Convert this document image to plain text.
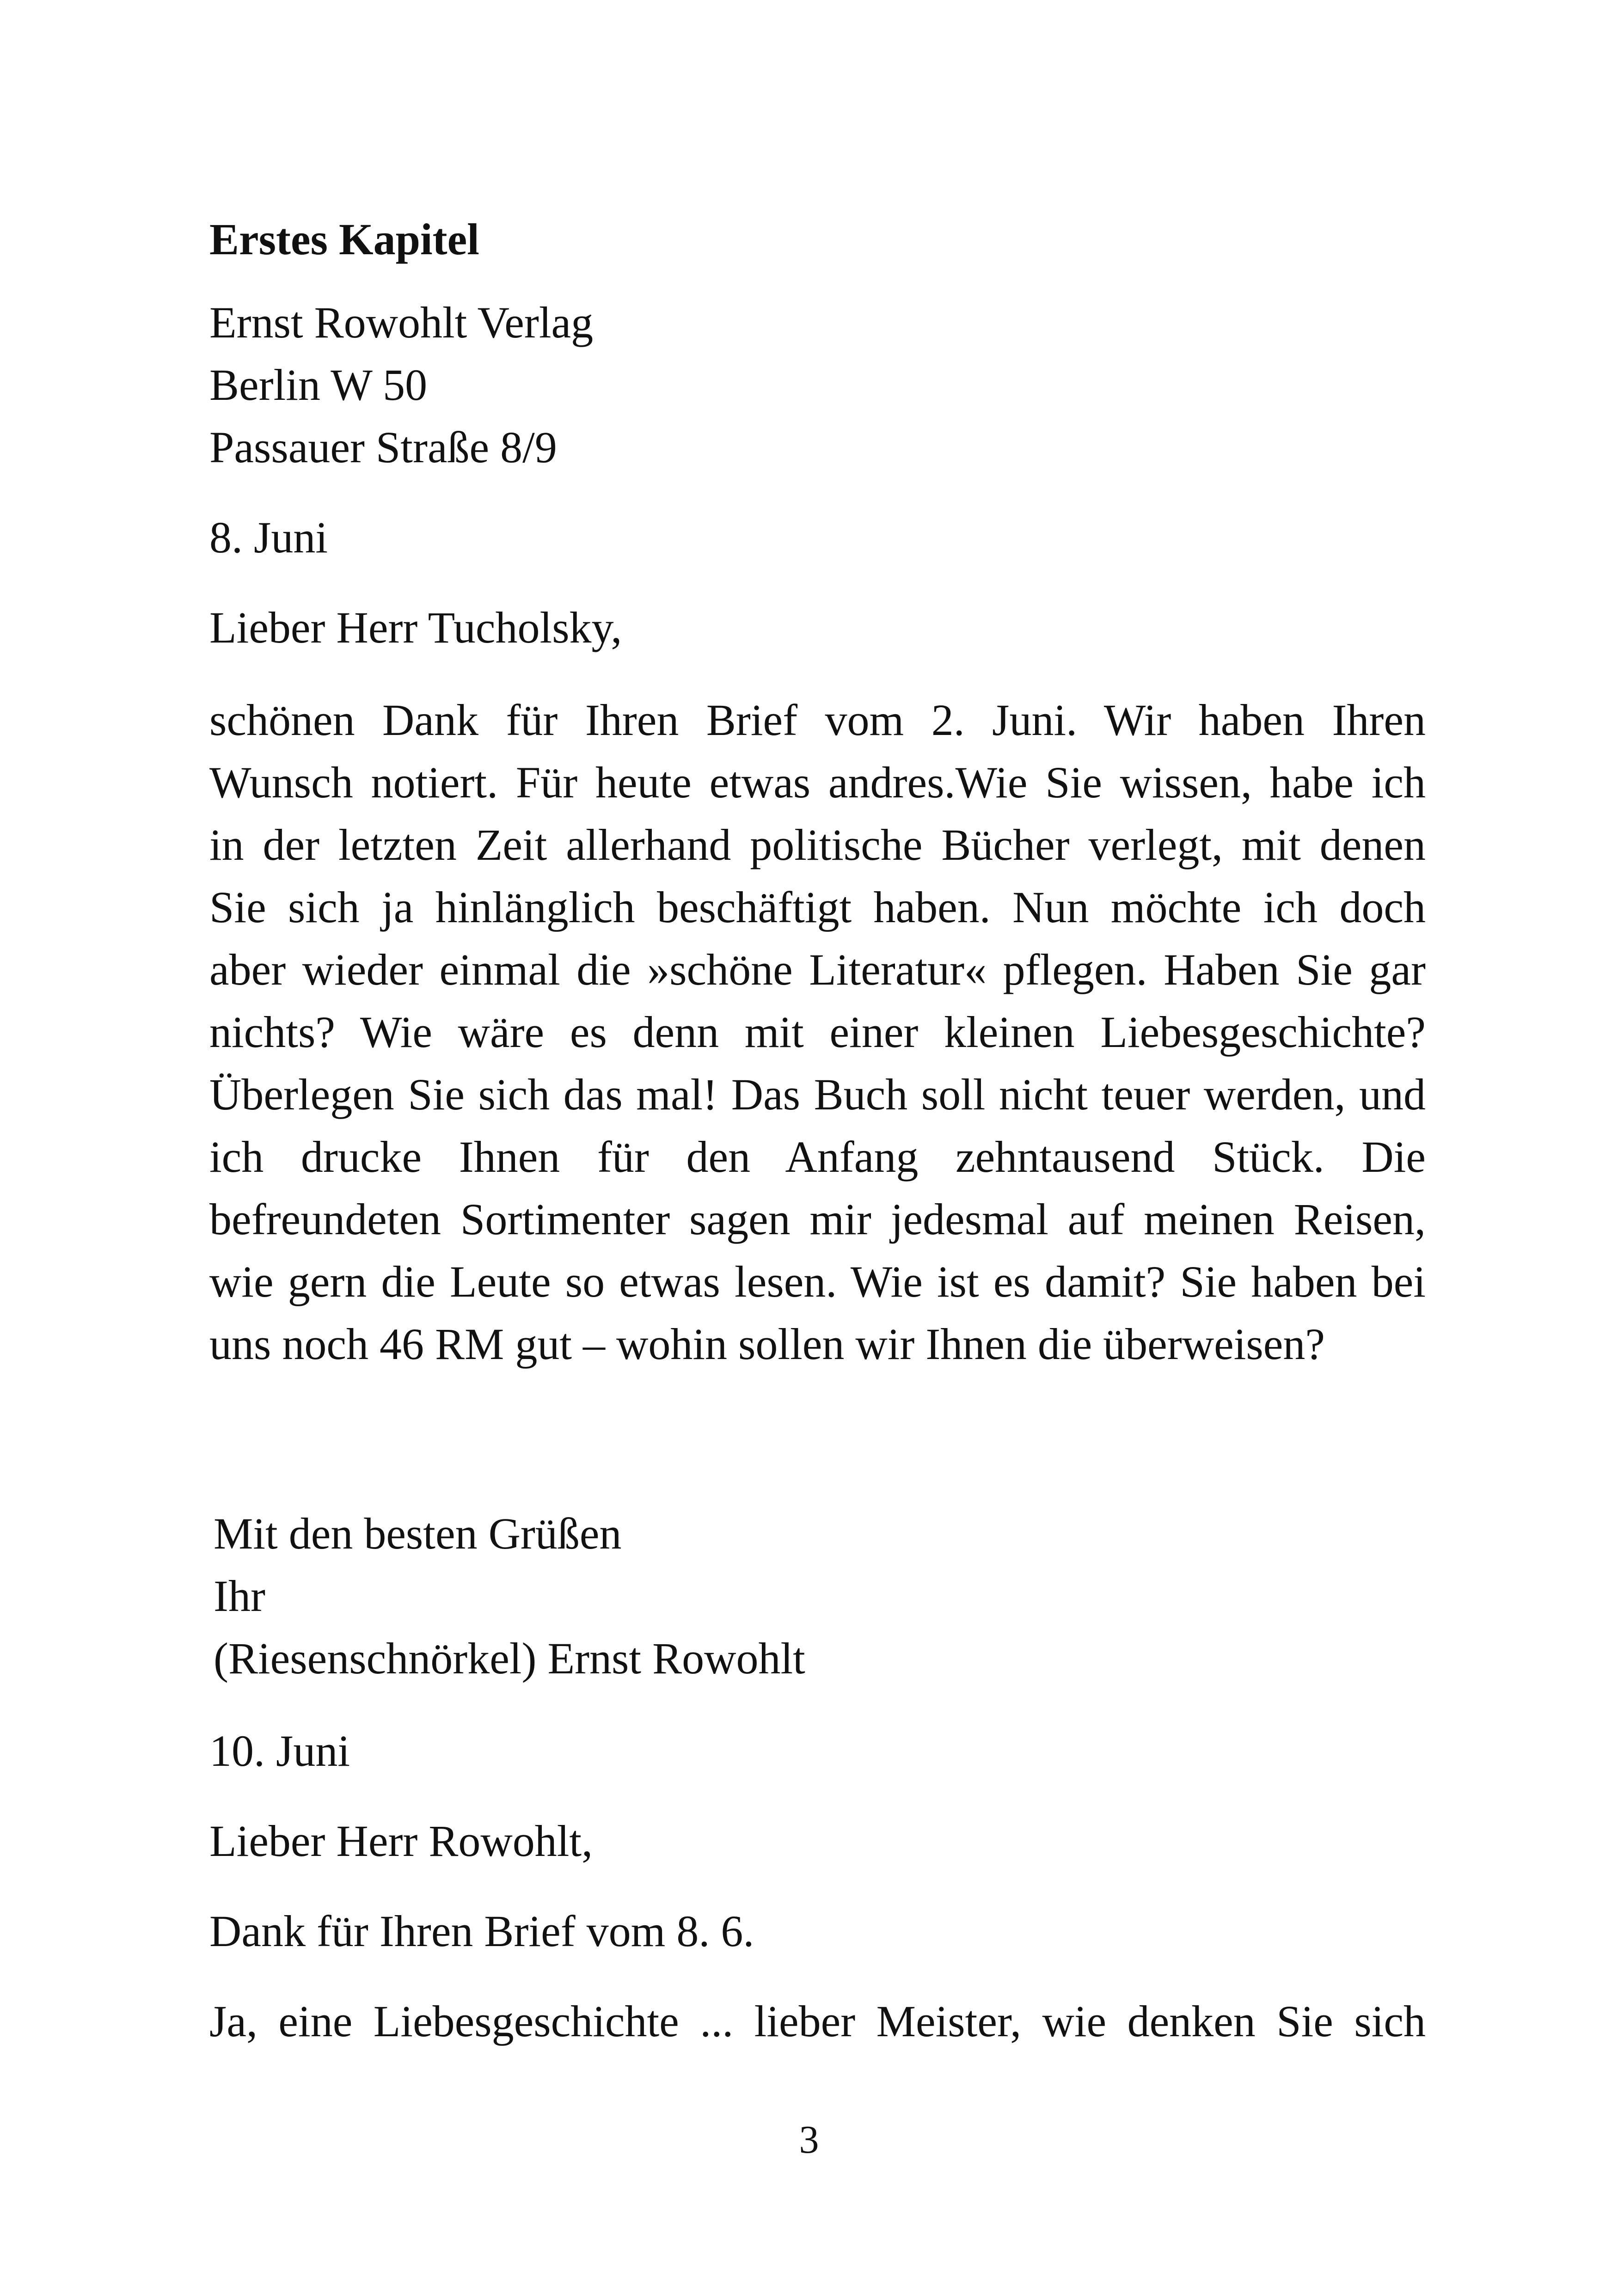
Erstes Kapitel

Ernst Rowohlt Verlag

Berlin W 50

Passauer Straße 8/9

8. Juni

Lieber Herr Tucholsky,

schönen Dank für Ihren Brief vom 2. Juni. Wir haben Ihren

Wunsch notiert. Für heute etwas andres.Wie Sie wissen, habe ich

in der letzten Zeit allerhand politische Bücher verlegt, mit denen

Sie sich ja hinlänglich beschäftigt haben. Nun möchte ich doch

aber wieder einmal die »schöne Literatur« pflegen. Haben Sie gar

nichts? Wie wäre es denn mit einer kleinen Liebesgeschichte?

Überlegen Sie sich das mal! Das Buch soll nicht teuer werden, und

ich drucke Ihnen für den Anfang zehntausend Stück. Die

befreundeten Sortimenter sagen mir jedesmal auf meinen Reisen,

wie gern die Leute so etwas lesen. Wie ist es damit? Sie haben bei

uns noch 46 RM gut – wohin sollen wir Ihnen die überweisen?

Mit den besten Grüßen

Ihr

(Riesenschnörkel) Ernst Rowohlt

10. Juni

Lieber Herr Rowohlt,

Dank für Ihren Brief vom 8. 6.

Ja, eine Liebesgeschichte ... lieber Meister, wie denken Sie sich

3
